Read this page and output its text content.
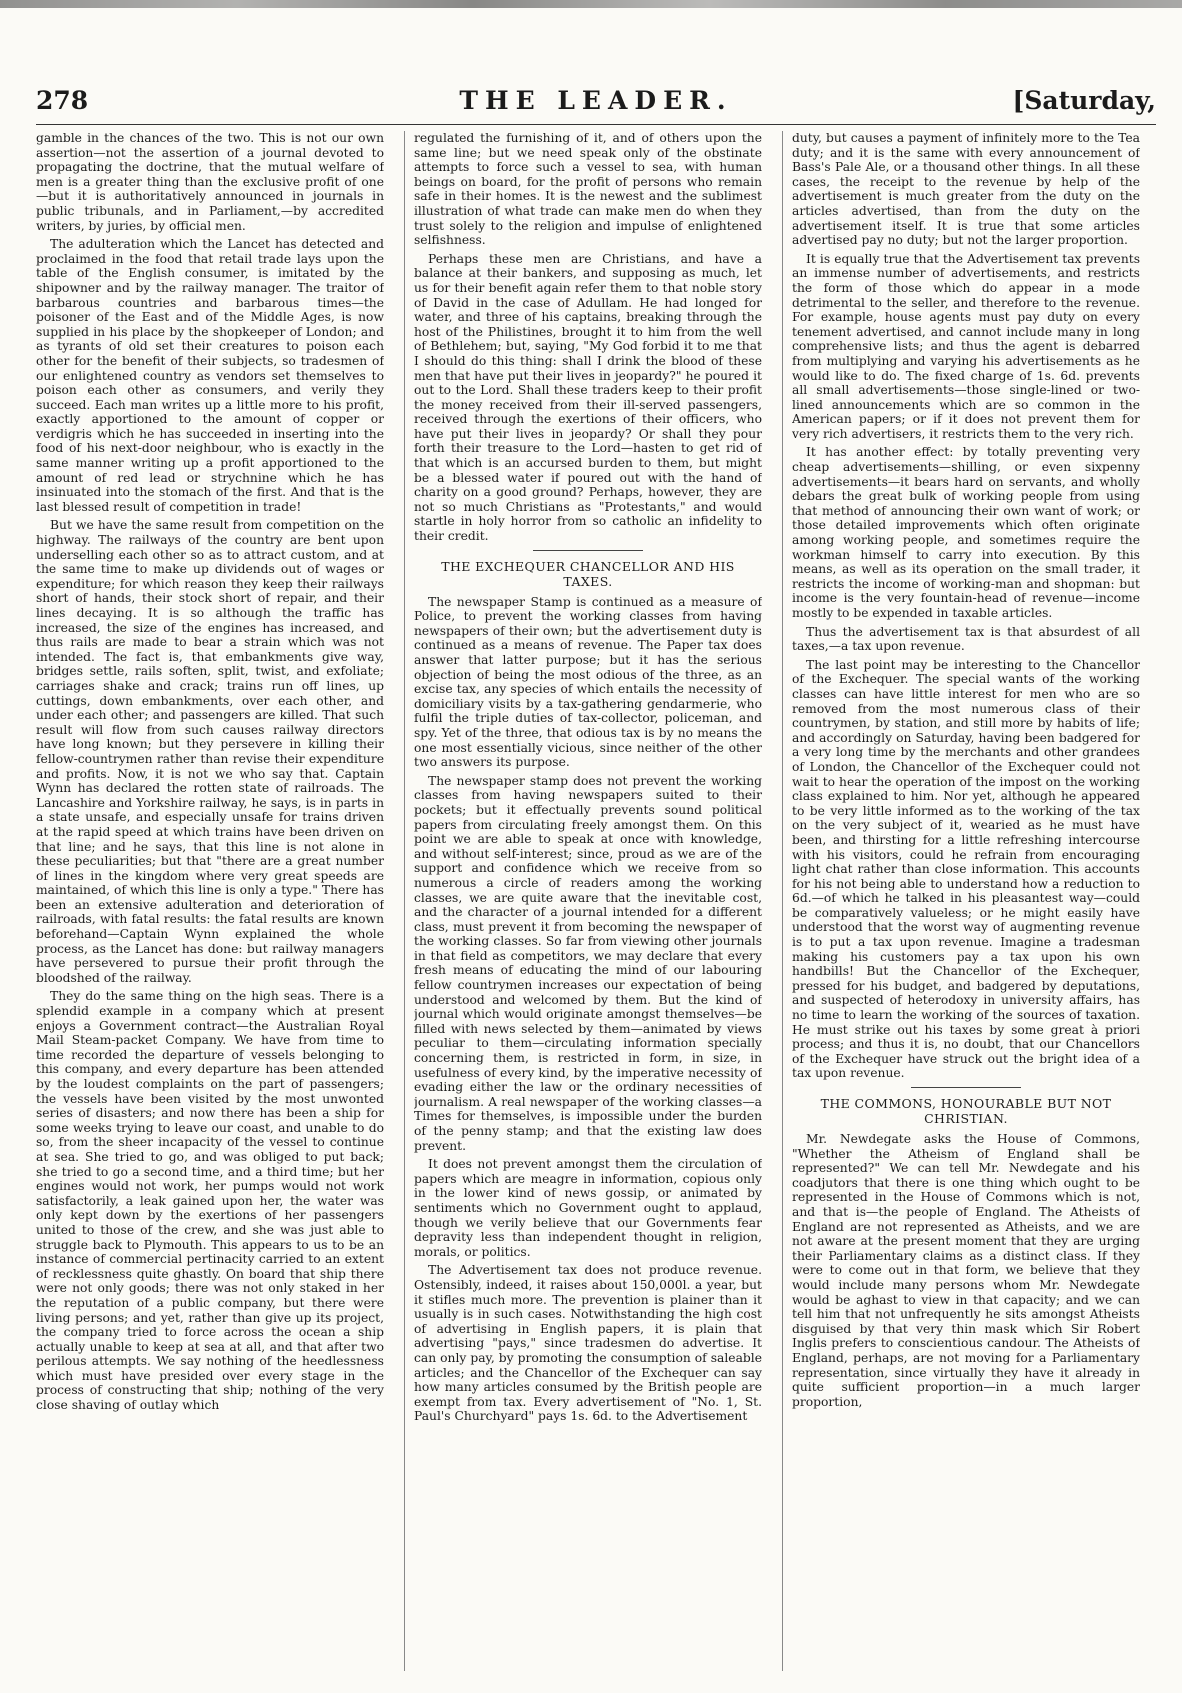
278	THE LEADER.	[Saturday,

gamble in the chances of the two. This is not our own assertion—not the assertion of a journal devoted to propagating the doctrine, that the mutual welfare of men is a greater thing than the exclusive profit of one—but it is authoritatively announced in journals in public tribunals, and in Parliament,—by accredited writers, by juries, by official men.

The adulteration which the Lancet has detected and proclaimed in the food that retail trade lays upon the table of the English consumer, is imitated by the shipowner and by the railway manager. The traitor of barbarous countries and barbarous times—the poisoner of the East and of the Middle Ages, is now supplied in his place by the shopkeeper of London; and as tyrants of old set their creatures to poison each other for the benefit of their subjects, so tradesmen of our enlightened country as vendors set themselves to poison each other as consumers, and verily they succeed. Each man writes up a little more to his profit, exactly apportioned to the amount of copper or verdigris which he has succeeded in inserting into the food of his next-door neighbour, who is exactly in the same manner writing up a profit apportioned to the amount of red lead or strychnine which he has insinuated into the stomach of the first. And that is the last blessed result of competition in trade!

But we have the same result from competition on the highway. The railways of the country are bent upon underselling each other so as to attract custom, and at the same time to make up dividends out of wages or expenditure; for which reason they keep their railways short of hands, their stock short of repair, and their lines decaying. It is so although the traffic has increased, the size of the engines has increased, and thus rails are made to bear a strain which was not intended. The fact is, that embankments give way, bridges settle, rails soften, split, twist, and exfoliate; carriages shake and crack; trains run off lines, up cuttings, down embankments, over each other, and under each other; and passengers are killed. That such result will flow from such causes railway directors have long known; but they persevere in killing their fellow-countrymen rather than revise their expenditure and profits. Now, it is not we who say that. Captain Wynn has declared the rotten state of railroads. The Lancashire and Yorkshire railway, he says, is in parts in a state unsafe, and especially unsafe for trains driven at the rapid speed at which trains have been driven on that line; and he says, that this line is not alone in these peculiarities; but that "there are a great number of lines in the kingdom where very great speeds are maintained, of which this line is only a type." There has been an extensive adulteration and deterioration of railroads, with fatal results: the fatal results are known beforehand—Captain Wynn explained the whole process, as the Lancet has done: but railway managers have persevered to pursue their profit through the bloodshed of the railway.

They do the same thing on the high seas. There is a splendid example in a company which at present enjoys a Government contract—the Australian Royal Mail Steam-packet Company. We have from time to time recorded the departure of vessels belonging to this company, and every departure has been attended by the loudest complaints on the part of passengers; the vessels have been visited by the most unwonted series of disasters; and now there has been a ship for some weeks trying to leave our coast, and unable to do so, from the sheer incapacity of the vessel to continue at sea. She tried to go, and was obliged to put back; she tried to go a second time, and a third time; but her engines would not work, her pumps would not work satisfactorily, a leak gained upon her, the water was only kept down by the exertions of her passengers united to those of the crew, and she was just able to struggle back to Plymouth. This appears to us to be an instance of commercial pertinacity carried to an extent of recklessness quite ghastly. On board that ship there were not only goods; there was not only staked in her the reputation of a public company, but there were living persons; and yet, rather than give up its project, the company tried to force across the ocean a ship actually unable to keep at sea at all, and that after two perilous attempts. We say nothing of the heedlessness which must have presided over every stage in the process of constructing that ship; nothing of the very close shaving of outlay which

regulated the furnishing of it, and of others upon the same line; but we need speak only of the obstinate attempts to force such a vessel to sea, with human beings on board, for the profit of persons who remain safe in their homes. It is the newest and the sublimest illustration of what trade can make men do when they trust solely to the religion and impulse of enlightened selfishness.

Perhaps these men are Christians, and have a balance at their bankers, and supposing as much, let us for their benefit again refer them to that noble story of David in the case of Adullam. He had longed for water, and three of his captains, breaking through the host of the Philistines, brought it to him from the well of Bethlehem; but, saying, "My God forbid it to me that I should do this thing: shall I drink the blood of these men that have put their lives in jeopardy?" he poured it out to the Lord. Shall these traders keep to their profit the money received from their ill-served passengers, received through the exertions of their officers, who have put their lives in jeopardy? Or shall they pour forth their treasure to the Lord—hasten to get rid of that which is an accursed burden to them, but might be a blessed water if poured out with the hand of charity on a good ground? Perhaps, however, they are not so much Christians as "Protestants," and would startle in holy horror from so catholic an infidelity to their credit.

THE EXCHEQUER CHANCELLOR AND HIS TAXES.

The newspaper Stamp is continued as a measure of Police, to prevent the working classes from having newspapers of their own; but the advertisement duty is continued as a means of revenue. The Paper tax does answer that latter purpose; but it has the serious objection of being the most odious of the three, as an excise tax, any species of which entails the necessity of domiciliary visits by a tax-gathering gendarmerie, who fulfil the triple duties of tax-collector, policeman, and spy. Yet of the three, that odious tax is by no means the one most essentially vicious, since neither of the other two answers its purpose.

The newspaper stamp does not prevent the working classes from having newspapers suited to their pockets; but it effectually prevents sound political papers from circulating freely amongst them. On this point we are able to speak at once with knowledge, and without self-interest; since, proud as we are of the support and confidence which we receive from so numerous a circle of readers among the working classes, we are quite aware that the inevitable cost, and the character of a journal intended for a different class, must prevent it from becoming the newspaper of the working classes. So far from viewing other journals in that field as competitors, we may declare that every fresh means of educating the mind of our labouring fellow countrymen increases our expectation of being understood and welcomed by them. But the kind of journal which would originate amongst themselves—be filled with news selected by them—animated by views peculiar to them—circulating information specially concerning them, is restricted in form, in size, in usefulness of every kind, by the imperative necessity of evading either the law or the ordinary necessities of journalism. A real newspaper of the working classes—a Times for themselves, is impossible under the burden of the penny stamp; and that the existing law does prevent.

It does not prevent amongst them the circulation of papers which are meagre in information, copious only in the lower kind of news gossip, or animated by sentiments which no Government ought to applaud, though we verily believe that our Governments fear depravity less than independent thought in religion, morals, or politics.

The Advertisement tax does not produce revenue. Ostensibly, indeed, it raises about 150,000l. a year, but it stifles much more. The prevention is plainer than it usually is in such cases. Notwithstanding the high cost of advertising in English papers, it is plain that advertising "pays," since tradesmen do advertise. It can only pay, by promoting the consumption of saleable articles; and the Chancellor of the Exchequer can say how many articles consumed by the British people are exempt from tax. Every advertisement of "No. 1, St. Paul's Churchyard" pays 1s. 6d. to the Advertisement

duty, but causes a payment of infinitely more to the Tea duty; and it is the same with every announcement of Bass's Pale Ale, or a thousand other things. In all these cases, the receipt to the revenue by help of the advertisement is much greater from the duty on the articles advertised, than from the duty on the advertisement itself. It is true that some articles advertised pay no duty; but not the larger proportion.

It is equally true that the Advertisement tax prevents an immense number of advertisements, and restricts the form of those which do appear in a mode detrimental to the seller, and therefore to the revenue. For example, house agents must pay duty on every tenement advertised, and cannot include many in long comprehensive lists; and thus the agent is debarred from multiplying and varying his advertisements as he would like to do. The fixed charge of 1s. 6d. prevents all small advertisements—those single-lined or two-lined announcements which are so common in the American papers; or if it does not prevent them for very rich advertisers, it restricts them to the very rich.

It has another effect: by totally preventing very cheap advertisements—shilling, or even sixpenny advertisements—it bears hard on servants, and wholly debars the great bulk of working people from using that method of announcing their own want of work; or those detailed improvements which often originate among working people, and sometimes require the workman himself to carry into execution. By this means, as well as its operation on the small trader, it restricts the income of working-man and shopman: but income is the very fountain-head of revenue—income mostly to be expended in taxable articles.

Thus the advertisement tax is that absurdest of all taxes,—a tax upon revenue.

The last point may be interesting to the Chancellor of the Exchequer. The special wants of the working classes can have little interest for men who are so removed from the most numerous class of their countrymen, by station, and still more by habits of life; and accordingly on Saturday, having been badgered for a very long time by the merchants and other grandees of London, the Chancellor of the Exchequer could not wait to hear the operation of the impost on the working class explained to him. Nor yet, although he appeared to be very little informed as to the working of the tax on the very subject of it, wearied as he must have been, and thirsting for a little refreshing intercourse with his visitors, could he refrain from encouraging light chat rather than close information. This accounts for his not being able to understand how a reduction to 6d.—of which he talked in his pleasantest way—could be comparatively valueless; or he might easily have understood that the worst way of augmenting revenue is to put a tax upon revenue. Imagine a tradesman making his customers pay a tax upon his own handbills! But the Chancellor of the Exchequer, pressed for his budget, and badgered by deputations, and suspected of heterodoxy in university affairs, has no time to learn the working of the sources of taxation. He must strike out his taxes by some great à priori process; and thus it is, no doubt, that our Chancellors of the Exchequer have struck out the bright idea of a tax upon revenue.

THE COMMONS, HONOURABLE BUT NOT CHRISTIAN.

Mr. Newdegate asks the House of Commons, "Whether the Atheism of England shall be represented?" We can tell Mr. Newdegate and his coadjutors that there is one thing which ought to be represented in the House of Commons which is not, and that is—the people of England. The Atheists of England are not represented as Atheists, and we are not aware at the present moment that they are urging their Parliamentary claims as a distinct class. If they were to come out in that form, we believe that they would include many persons whom Mr. Newdegate would be aghast to view in that capacity; and we can tell him that not unfrequently he sits amongst Atheists disguised by that very thin mask which Sir Robert Inglis prefers to conscientious candour. The Atheists of England, perhaps, are not moving for a Parliamentary representation, since virtually they have it already in quite sufficient proportion—in a much larger proportion,
